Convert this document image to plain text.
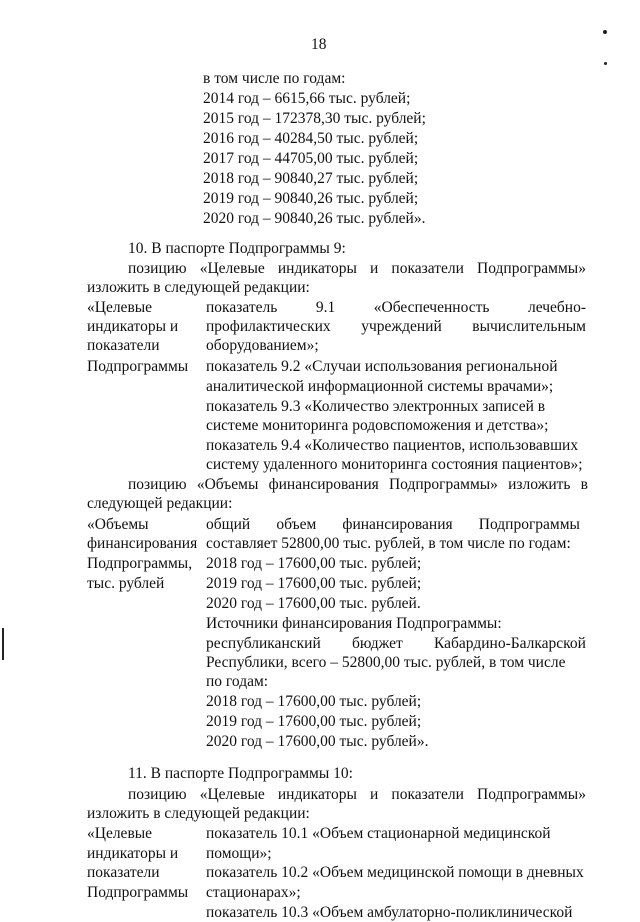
18
в том числе по годам:
2014 год – 6615,66 тыс. рублей;
2015 год – 172378,30 тыс. рублей;
2016 год – 40284,50 тыс. рублей;
2017 год – 44705,00 тыс. рублей;
2018 год – 90840,27 тыс. рублей;
2019 год – 90840,26 тыс. рублей;
2020 год – 90840,26 тыс. рублей».
10. В паспорте Подпрограммы 9:
позицию «Целевые индикаторы и показатели Подпрограммы»
изложить в следующей редакции:
«Целевые
индикаторы и
показатели
Подпрограммы
показатель 9.1 «Обеспеченность лечебно-
профилактических учреждений вычислительным
оборудованием»;
показатель 9.2 «Случаи использования региональной
аналитической информационной системы врачами»;
показатель 9.3 «Количество электронных записей в
системе мониторинга родовспоможения и детства»;
показатель 9.4 «Количество пациентов, использовавших
систему удаленного мониторинга состояния пациентов»;
позицию «Объемы финансирования Подпрограммы» изложить в
следующей редакции:
«Объемы
финансирования
Подпрограммы,
тыс. рублей
общий объем финансирования Подпрограммы
составляет 52800,00 тыс. рублей, в том числе по годам:
2018 год – 17600,00 тыс. рублей;
2019 год – 17600,00 тыс. рублей;
2020 год – 17600,00 тыс. рублей.
Источники финансирования Подпрограммы:
республиканский бюджет Кабардино-Балкарской
Республики, всего – 52800,00 тыс. рублей, в том числе
по годам:
2018 год – 17600,00 тыс. рублей;
2019 год – 17600,00 тыс. рублей;
2020 год – 17600,00 тыс. рублей».
11. В паспорте Подпрограммы 10:
позицию «Целевые индикаторы и показатели Подпрограммы»
изложить в следующей редакции:
«Целевые
индикаторы и
показатели
Подпрограммы
показатель 10.1 «Объем стационарной медицинской
помощи»;
показатель 10.2 «Объем медицинской помощи в дневных
стационарах»;
показатель 10.3 «Объем амбулаторно-поликлинической
